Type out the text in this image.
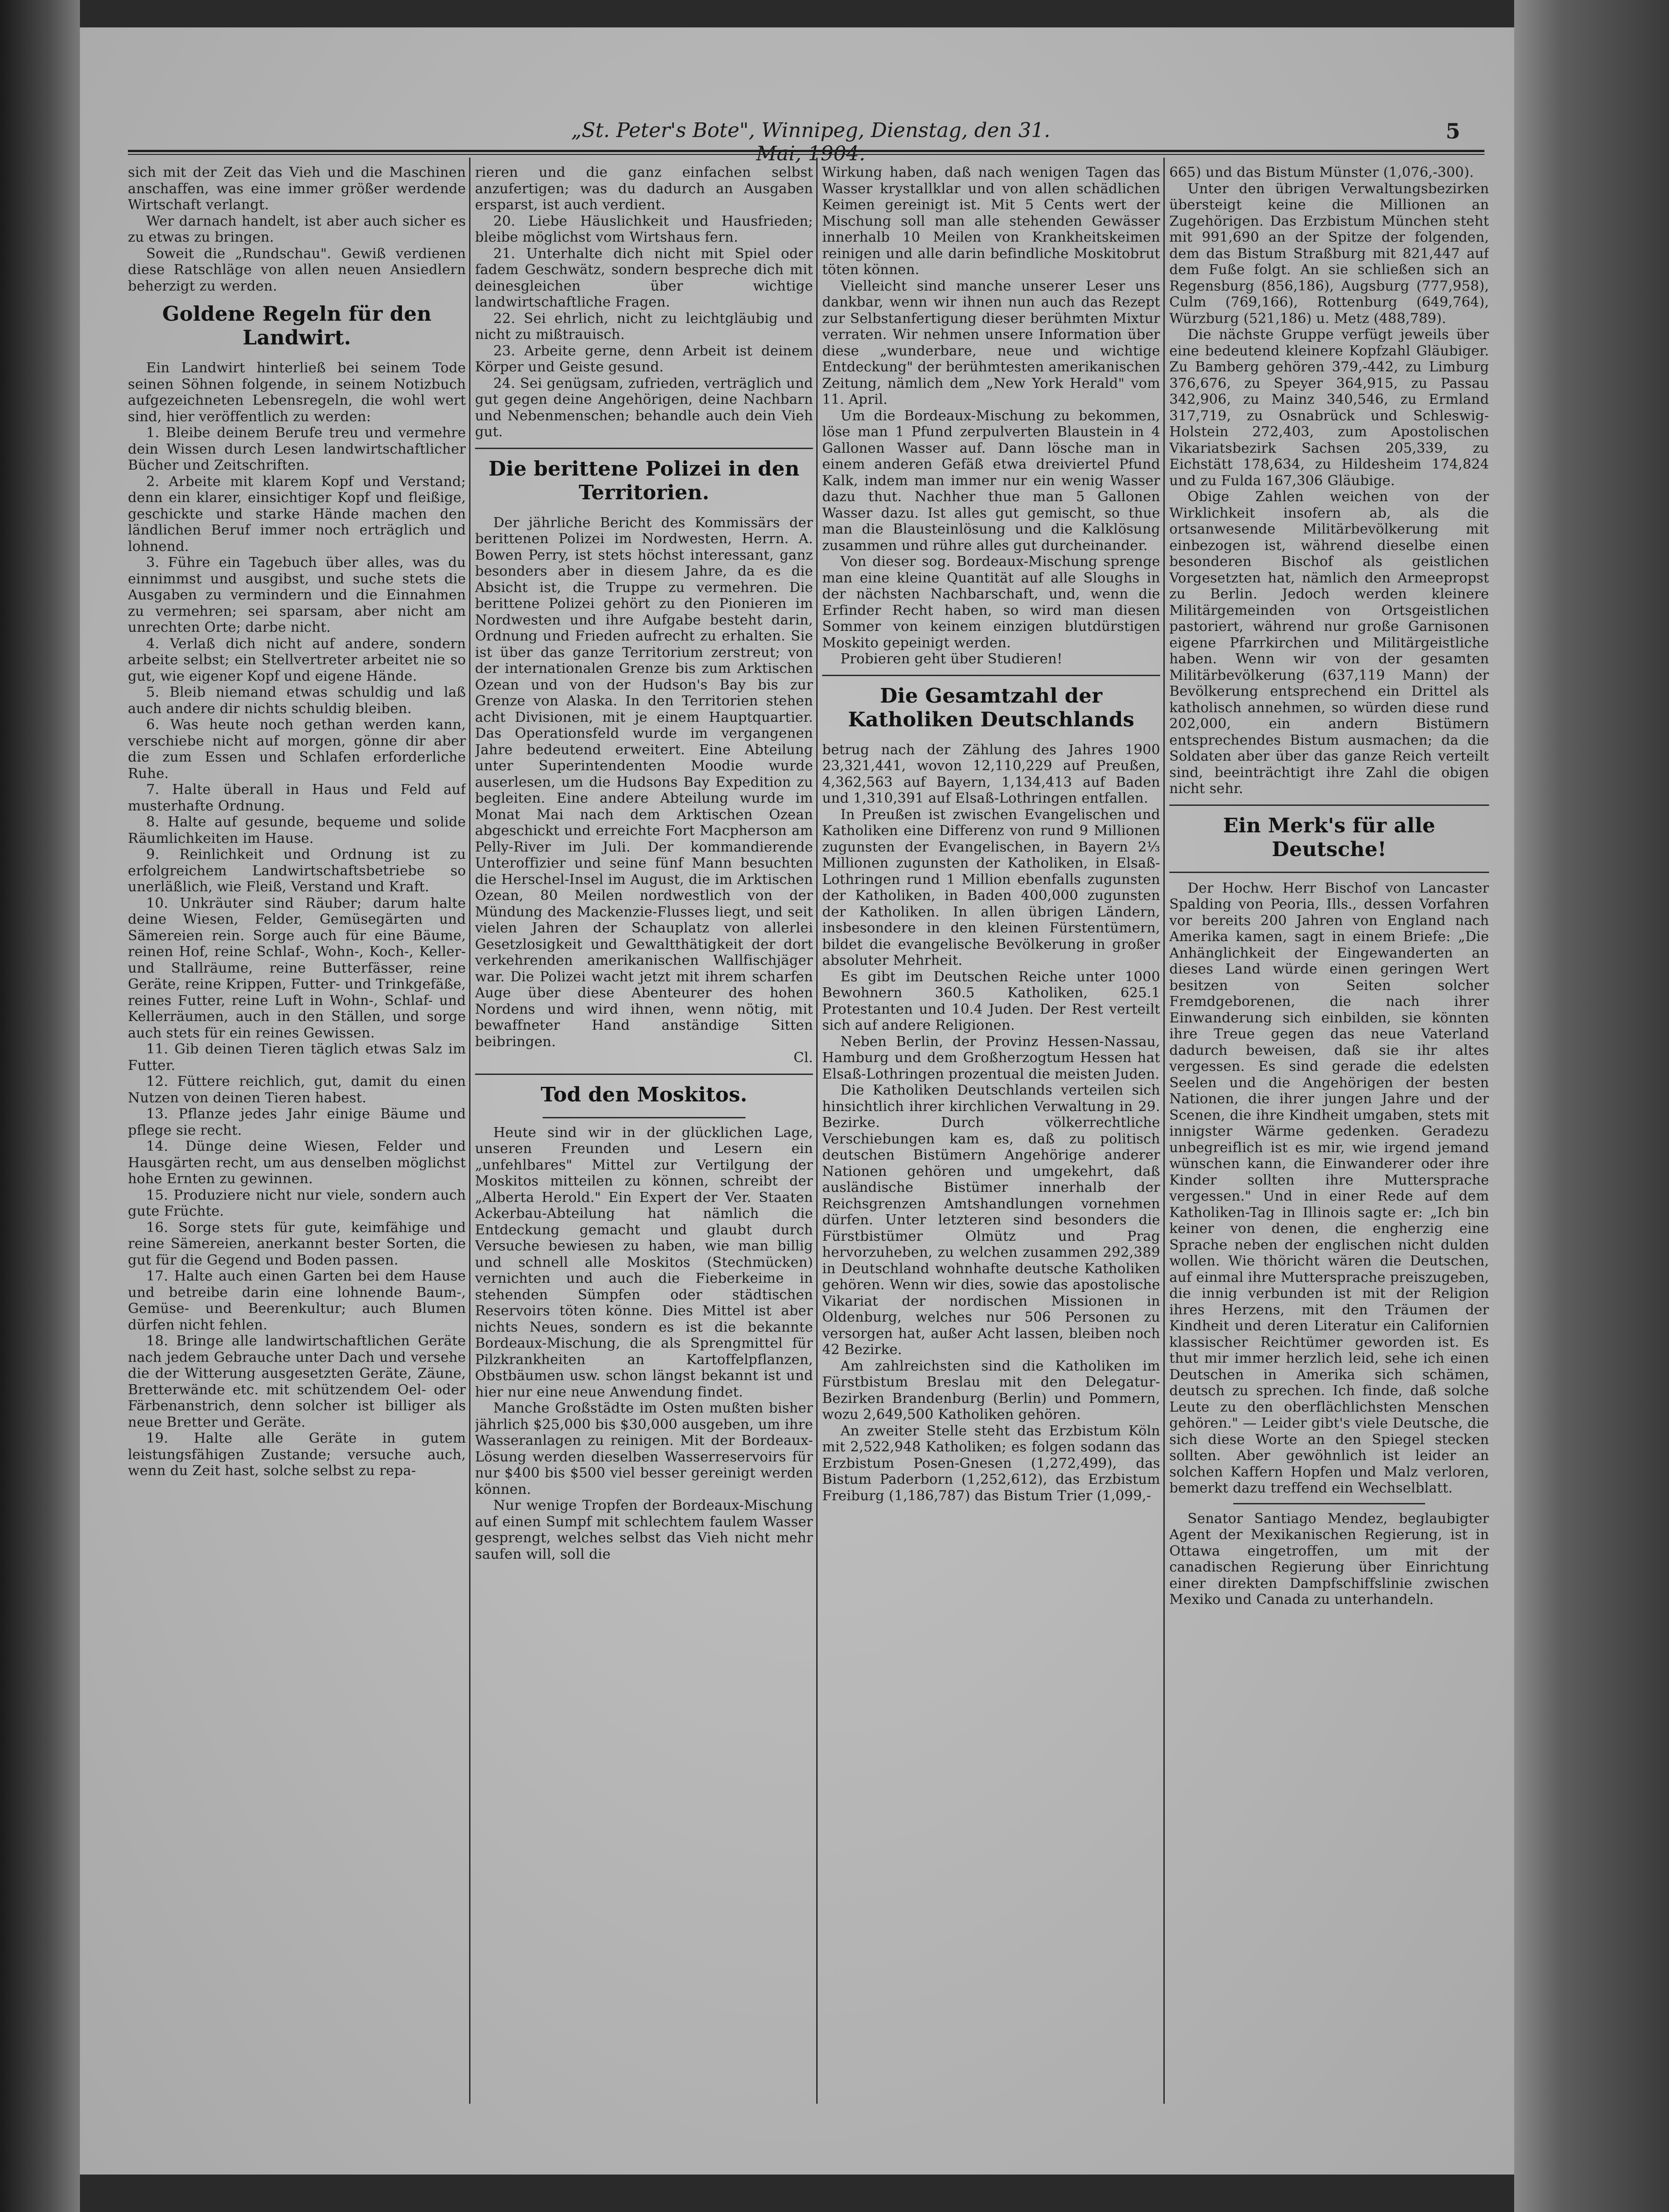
„St. Peter's Bote", Winnipeg, Dienstag, den 31. Mai, 1904.
5

sich mit der Zeit das Vieh und die Maschinen anschaffen, was eine immer größer werdende Wirtschaft verlangt.

Wer darnach handelt, ist aber auch sicher es zu etwas zu bringen.

Soweit die „Rundschau". Gewiß verdienen diese Ratschläge von allen neuen Ansiedlern beherzigt zu werden.

Goldene Regeln für den Landwirt.

Ein Landwirt hinterließ bei seinem Tode seinen Söhnen folgende, in seinem Notizbuch aufgezeichneten Lebensregeln, die wohl wert sind, hier veröffentlich zu werden:

1. Bleibe deinem Berufe treu und vermehre dein Wissen durch Lesen landwirtschaftlicher Bücher und Zeitschriften.

2. Arbeite mit klarem Kopf und Verstand; denn ein klarer, einsichtiger Kopf und fleißige, geschickte und starke Hände machen den ländlichen Beruf immer noch erträglich und lohnend.

3. Führe ein Tagebuch über alles, was du einnimmst und ausgibst, und suche stets die Ausgaben zu vermindern und die Einnahmen zu vermehren; sei sparsam, aber nicht am unrechten Orte; darbe nicht.

4. Verlaß dich nicht auf andere, sondern arbeite selbst; ein Stellvertreter arbeitet nie so gut, wie eigener Kopf und eigene Hände.

5. Bleib niemand etwas schuldig und laß auch andere dir nichts schuldig bleiben.

6. Was heute noch gethan werden kann, verschiebe nicht auf morgen, gönne dir aber die zum Essen und Schlafen erforderliche Ruhe.

7. Halte überall in Haus und Feld auf musterhafte Ordnung.

8. Halte auf gesunde, bequeme und solide Räumlichkeiten im Hause.

9. Reinlichkeit und Ordnung ist zu erfolgreichem Landwirtschaftsbetriebe so unerläßlich, wie Fleiß, Verstand und Kraft.

10. Unkräuter sind Räuber; darum halte deine Wiesen, Felder, Gemüsegärten und Sämereien rein. Sorge auch für eine Bäume, reinen Hof, reine Schlaf-, Wohn-, Koch-, Keller- und Stallräume, reine Butterfässer, reine Geräte, reine Krippen, Futter- und Trinkgefäße, reines Futter, reine Luft in Wohn-, Schlaf- und Kellerräumen, auch in den Ställen, und sorge auch stets für ein reines Gewissen.

11. Gib deinen Tieren täglich etwas Salz im Futter.

12. Füttere reichlich, gut, damit du einen Nutzen von deinen Tieren habest.

13. Pflanze jedes Jahr einige Bäume und pflege sie recht.

14. Dünge deine Wiesen, Felder und Hausgärten recht, um aus denselben möglichst hohe Ernten zu gewinnen.

15. Produziere nicht nur viele, sondern auch gute Früchte.

16. Sorge stets für gute, keimfähige und reine Sämereien, anerkannt bester Sorten, die gut für die Gegend und Boden passen.

17. Halte auch einen Garten bei dem Hause und betreibe darin eine lohnende Baum-, Gemüse- und Beerenkultur; auch Blumen dürfen nicht fehlen.

18. Bringe alle landwirtschaftlichen Geräte nach jedem Gebrauche unter Dach und versehe die der Witterung ausgesetzten Geräte, Zäune, Bretterwände etc. mit schützendem Oel- oder Färbenanstrich, denn solcher ist billiger als neue Bretter und Geräte.

19. Halte alle Geräte in gutem leistungsfähigen Zustande; versuche auch, wenn du Zeit hast, solche selbst zu repa-

rieren und die ganz einfachen selbst anzufertigen; was du dadurch an Ausgaben ersparst, ist auch verdient.

20. Liebe Häuslichkeit und Hausfrieden; bleibe möglichst vom Wirtshaus fern.

21. Unterhalte dich nicht mit Spiel oder fadem Geschwätz, sondern bespreche dich mit deinesgleichen über wichtige landwirtschaftliche Fragen.

22. Sei ehrlich, nicht zu leichtgläubig und nicht zu mißtrauisch.

23. Arbeite gerne, denn Arbeit ist deinem Körper und Geiste gesund.

24. Sei genügsam, zufrieden, verträglich und gut gegen deine Angehörigen, deine Nachbarn und Nebenmenschen; behandle auch dein Vieh gut.

Die berittene Polizei in den Territorien.

Der jährliche Bericht des Kommissärs der berittenen Polizei im Nordwesten, Herrn. A. Bowen Perry, ist stets höchst interessant, ganz besonders aber in diesem Jahre, da es die Absicht ist, die Truppe zu vermehren. Die berittene Polizei gehört zu den Pionieren im Nordwesten und ihre Aufgabe besteht darin, Ordnung und Frieden aufrecht zu erhalten. Sie ist über das ganze Territorium zerstreut; von der internationalen Grenze bis zum Arktischen Ozean und von der Hudson's Bay bis zur Grenze von Alaska. In den Territorien stehen acht Divisionen, mit je einem Hauptquartier. Das Operationsfeld wurde im vergangenen Jahre bedeutend erweitert. Eine Abteilung unter Superintendenten Moodie wurde auserlesen, um die Hudsons Bay Expedition zu begleiten. Eine andere Abteilung wurde im Monat Mai nach dem Arktischen Ozean abgeschickt und erreichte Fort Macpherson am Pelly-River im Juli. Der kommandierende Unteroffizier und seine fünf Mann besuchten die Herschel-Insel im August, die im Arktischen Ozean, 80 Meilen nordwestlich von der Mündung des Mackenzie-Flusses liegt, und seit vielen Jahren der Schauplatz von allerlei Gesetzlosigkeit und Gewaltthätigkeit der dort verkehrenden amerikanischen Wallfischjäger war. Die Polizei wacht jetzt mit ihrem scharfen Auge über diese Abenteurer des hohen Nordens und wird ihnen, wenn nötig, mit bewaffneter Hand anständige Sitten beibringen.

Cl.

Tod den Moskitos.

Heute sind wir in der glücklichen Lage, unseren Freunden und Lesern ein „unfehlbares" Mittel zur Vertilgung der Moskitos mitteilen zu können, schreibt der „Alberta Herold." Ein Expert der Ver. Staaten Ackerbau-Abteilung hat nämlich die Entdeckung gemacht und glaubt durch Versuche bewiesen zu haben, wie man billig und schnell alle Moskitos (Stechmücken) vernichten und auch die Fieberkeime in stehenden Sümpfen oder städtischen Reservoirs töten könne. Dies Mittel ist aber nichts Neues, sondern es ist die bekannte Bordeaux-Mischung, die als Sprengmittel für Pilzkrankheiten an Kartoffelpflanzen, Obstbäumen usw. schon längst bekannt ist und hier nur eine neue Anwendung findet.

Manche Großstädte im Osten mußten bisher jährlich $25,000 bis $30,000 ausgeben, um ihre Wasseranlagen zu reinigen. Mit der Bordeaux-Lösung werden dieselben Wasserreservoirs für nur $400 bis $500 viel besser gereinigt werden können.

Nur wenige Tropfen der Bordeaux-Mischung auf einen Sumpf mit schlechtem faulem Wasser gesprengt, welches selbst das Vieh nicht mehr saufen will, soll die

Wirkung haben, daß nach wenigen Tagen das Wasser krystallklar und von allen schädlichen Keimen gereinigt ist. Mit 5 Cents wert der Mischung soll man alle stehenden Gewässer innerhalb 10 Meilen von Krankheitskeimen reinigen und alle darin befindliche Moskitobrut töten können.

Vielleicht sind manche unserer Leser uns dankbar, wenn wir ihnen nun auch das Rezept zur Selbstanfertigung dieser berühmten Mixtur verraten. Wir nehmen unsere Information über diese „wunderbare, neue und wichtige Entdeckung" der berühmtesten amerikanischen Zeitung, nämlich dem „New York Herald" vom 11. April.

Um die Bordeaux-Mischung zu bekommen, löse man 1 Pfund zerpulverten Blaustein in 4 Gallonen Wasser auf. Dann lösche man in einem anderen Gefäß etwa dreiviertel Pfund Kalk, indem man immer nur ein wenig Wasser dazu thut. Nachher thue man 5 Gallonen Wasser dazu. Ist alles gut gemischt, so thue man die Blausteinlösung und die Kalklösung zusammen und rühre alles gut durcheinander.

Von dieser sog. Bordeaux-Mischung sprenge man eine kleine Quantität auf alle Sloughs in der nächsten Nachbarschaft, und, wenn die Erfinder Recht haben, so wird man diesen Sommer von keinem einzigen blutdürstigen Moskito gepeinigt werden.

Probieren geht über Studieren!

Die Gesamtzahl der Katholiken Deutschlands

betrug nach der Zählung des Jahres 1900 23,321,441, wovon 12,110,229 auf Preußen, 4,362,563 auf Bayern, 1,134,413 auf Baden und 1,310,391 auf Elsaß-Lothringen entfallen.

In Preußen ist zwischen Evangelischen und Katholiken eine Differenz von rund 9 Millionen zugunsten der Evangelischen, in Bayern 2⅓ Millionen zugunsten der Katholiken, in Elsaß-Lothringen rund 1 Million ebenfalls zugunsten der Katholiken, in Baden 400,000 zugunsten der Katholiken. In allen übrigen Ländern, insbesondere in den kleinen Fürstentümern, bildet die evangelische Bevölkerung in großer absoluter Mehrheit.

Es gibt im Deutschen Reiche unter 1000 Bewohnern 360.5 Katholiken, 625.1 Protestanten und 10.4 Juden. Der Rest verteilt sich auf andere Religionen.

Neben Berlin, der Provinz Hessen-Nassau, Hamburg und dem Großherzogtum Hessen hat Elsaß-Lothringen prozentual die meisten Juden.

Die Katholiken Deutschlands verteilen sich hinsichtlich ihrer kirchlichen Verwaltung in 29. Bezirke. Durch völkerrechtliche Verschiebungen kam es, daß zu politisch deutschen Bistümern Angehörige anderer Nationen gehören und umgekehrt, daß ausländische Bistümer innerhalb der Reichsgrenzen Amtshandlungen vornehmen dürfen. Unter letzteren sind besonders die Fürstbistümer Olmütz und Prag hervorzuheben, zu welchen zusammen 292,389 in Deutschland wohnhafte deutsche Katholiken gehören. Wenn wir dies, sowie das apostolische Vikariat der nordischen Missionen in Oldenburg, welches nur 506 Personen zu versorgen hat, außer Acht lassen, bleiben noch 42 Bezirke.

Am zahlreichsten sind die Katholiken im Fürstbistum Breslau mit den Delegatur-Bezirken Brandenburg (Berlin) und Pommern, wozu 2,649,500 Katholiken gehören.

An zweiter Stelle steht das Erzbistum Köln mit 2,522,948 Katholiken; es folgen sodann das Erzbistum Posen-Gnesen (1,272,499), das Bistum Paderborn (1,252,612), das Erzbistum Freiburg (1,186,787) das Bistum Trier (1,099,-

665) und das Bistum Münster (1,076,-300).

Unter den übrigen Verwaltungsbezirken übersteigt keine die Millionen an Zugehörigen. Das Erzbistum München steht mit 991,690 an der Spitze der folgenden, dem das Bistum Straßburg mit 821,447 auf dem Fuße folgt. An sie schließen sich an Regensburg (856,186), Augsburg (777,958), Culm (769,166), Rottenburg (649,764), Würzburg (521,186) u. Metz (488,789).

Die nächste Gruppe verfügt jeweils über eine bedeutend kleinere Kopfzahl Gläubiger. Zu Bamberg gehören 379,-442, zu Limburg 376,676, zu Speyer 364,915, zu Passau 342,906, zu Mainz 340,546, zu Ermland 317,719, zu Osnabrück und Schleswig-Holstein 272,403, zum Apostolischen Vikariatsbezirk Sachsen 205,339, zu Eichstätt 178,634, zu Hildesheim 174,824 und zu Fulda 167,306 Gläubige.

Obige Zahlen weichen von der Wirklichkeit insofern ab, als die ortsanwesende Militärbevölkerung mit einbezogen ist, während dieselbe einen besonderen Bischof als geistlichen Vorgesetzten hat, nämlich den Armeepropst zu Berlin. Jedoch werden kleinere Militärgemeinden von Ortsgeistlichen pastoriert, während nur große Garnisonen eigene Pfarrkirchen und Militärgeistliche haben. Wenn wir von der gesamten Militärbevölkerung (637,119 Mann) der Bevölkerung entsprechend ein Drittel als katholisch annehmen, so würden diese rund 202,000, ein andern Bistümern entsprechendes Bistum ausmachen; da die Soldaten aber über das ganze Reich verteilt sind, beeinträchtigt ihre Zahl die obigen nicht sehr.

Ein Merk's für alle Deutsche!

Der Hochw. Herr Bischof von Lancaster Spalding von Peoria, Ills., dessen Vorfahren vor bereits 200 Jahren von England nach Amerika kamen, sagt in einem Briefe: „Die Anhänglichkeit der Eingewanderten an dieses Land würde einen geringen Wert besitzen von Seiten solcher Fremdgeborenen, die nach ihrer Einwanderung sich einbilden, sie könnten ihre Treue gegen das neue Vaterland dadurch beweisen, daß sie ihr altes vergessen. Es sind gerade die edelsten Seelen und die Angehörigen der besten Nationen, die ihrer jungen Jahre und der Scenen, die ihre Kindheit umgaben, stets mit innigster Wärme gedenken. Geradezu unbegreiflich ist es mir, wie irgend jemand wünschen kann, die Einwanderer oder ihre Kinder sollten ihre Muttersprache vergessen." Und in einer Rede auf dem Katholiken-Tag in Illinois sagte er: „Ich bin keiner von denen, die engherzig eine Sprache neben der englischen nicht dulden wollen. Wie thöricht wären die Deutschen, auf einmal ihre Muttersprache preiszugeben, die innig verbunden ist mit der Religion ihres Herzens, mit den Träumen der Kindheit und deren Literatur ein Californien klassischer Reichtümer geworden ist. Es thut mir immer herzlich leid, sehe ich einen Deutschen in Amerika sich schämen, deutsch zu sprechen. Ich finde, daß solche Leute zu den oberflächlichsten Menschen gehören." — Leider gibt's viele Deutsche, die sich diese Worte an den Spiegel stecken sollten. Aber gewöhnlich ist leider an solchen Kaffern Hopfen und Malz verloren, bemerkt dazu treffend ein Wechselblatt.

Senator Santiago Mendez, beglaubigter Agent der Mexikanischen Regierung, ist in Ottawa eingetroffen, um mit der canadischen Regierung über Einrichtung einer direkten Dampfschiffslinie zwischen Mexiko und Canada zu unterhandeln.
